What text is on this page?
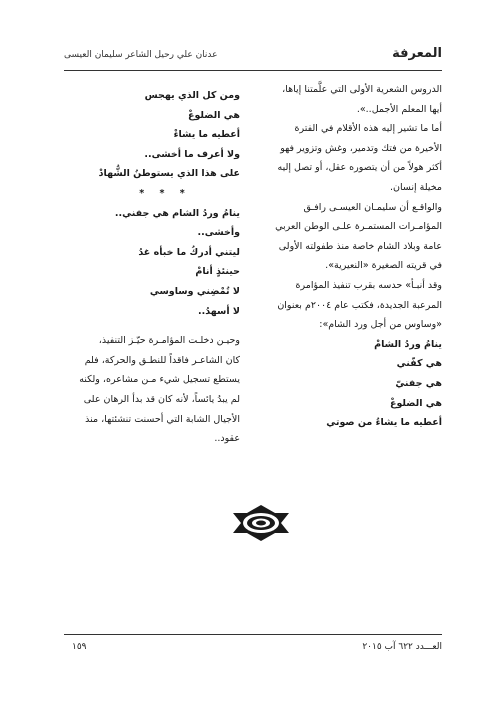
المعرفة
عدنان علي رحيل الشاعر سليمان العيسى
الدروس الشعرية الأولى التي علَّمتنا إياها،
أيها المعلم الأجمل..».
أما ما تشير إليه هذه الأقلام في الفترة
الأخيرة من فتك وتدمير، وغش وتزوير فهو
أكثر هولاً من أن يتصوره عقل، أو تصل إليه
مخيلة إنسان.
والواقـع أن سليمـان العيسـى رافـق
المؤامـرات المستمـرة علـى الوطن العربي
عامة وبلاد الشام خاصة منذ طفولته الأولى
في قريته الصغيرة «النعيرية».
وقد أنبـأ» حدسه بقرب تنفيذ المؤامرة
المرعبة الجديدة، فكتب عام ٢٠٠٤م بعنوان
«وساوس من أجل ورد الشام»:
ينامُ وردُ الشامْ
هي كفّني
هي جفنيّ
هي الضلوعْ
أعطيه ما يشاءُ من صوتي
ومن كل الذي يهجس
هي الضلوعْ
أعطيه ما يشاءْ
ولا أعرف ما أخشى..
على هذا الذي يستوطنُ الشُّهادْ
* * *
ينامُ وردُ الشام هي جفني..
وأخشى..
ليتني أدركُ ما خبأه غدُ
حينئذٍ أنامْ
لا تُمْضِني وساوسي
لا أسهدُ..
وحيـن دخلـت المؤامـرة حيّـز التنفيذ،
كان الشاعـر فاقداً للنطـق والحركة، فلم
يستطع تسجيل شيء مـن مشاعره، ولكنه
لم يبدُ يائساً، لأنه كان قد بدأ الرهان على
الأجيال الشابة التي أحسنت تنشئتها، منذ
عقود..
العـــدد ٦٢٢ آب ٢٠١٥
١٥٩
